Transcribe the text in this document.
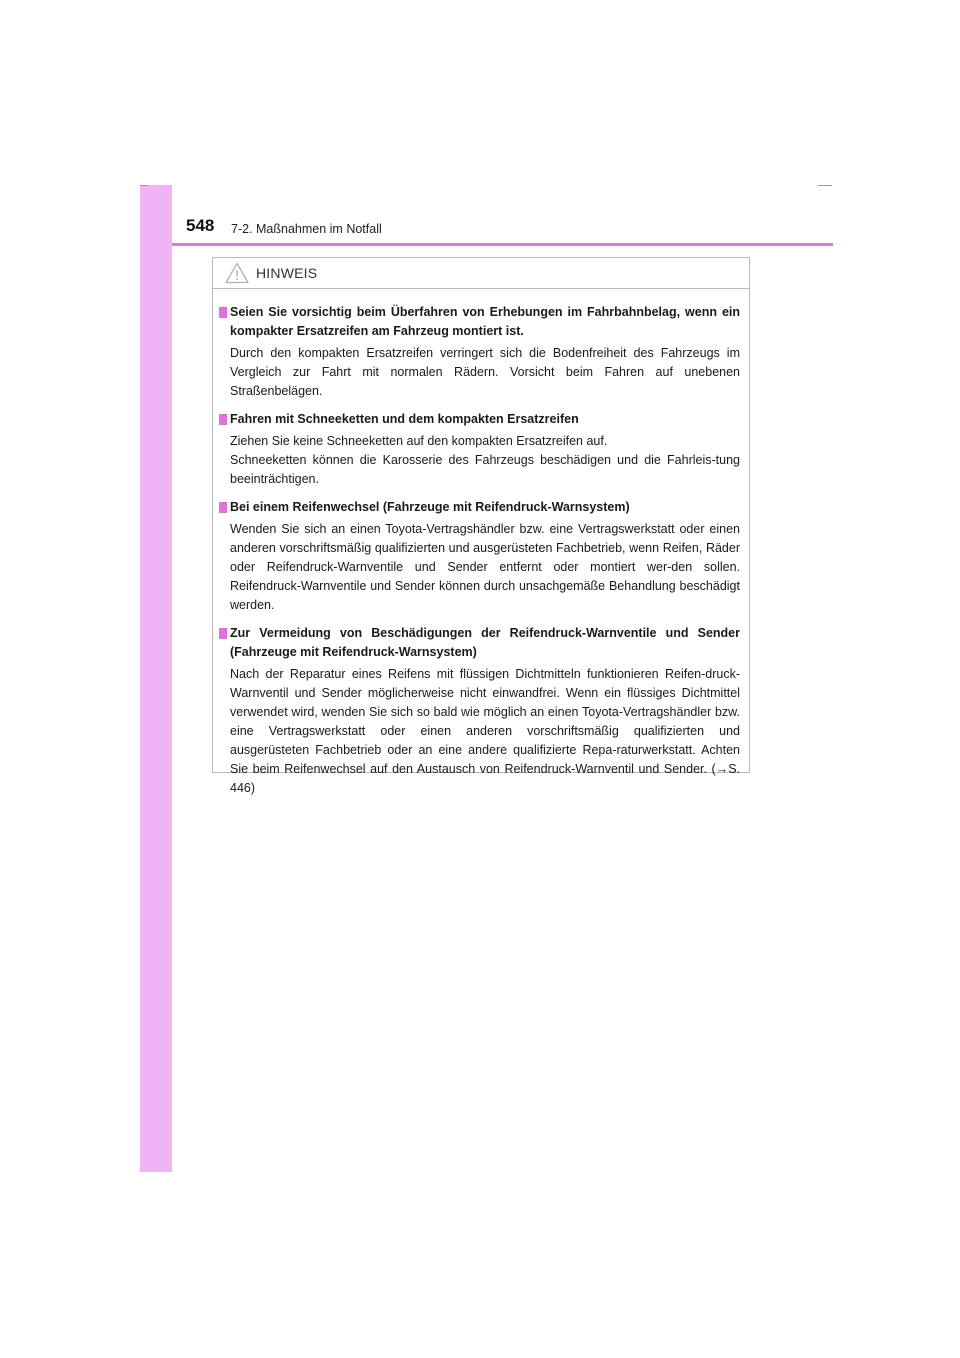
548 7-2. Maßnahmen im Notfall
HINWEIS
Seien Sie vorsichtig beim Überfahren von Erhebungen im Fahrbahnbelag, wenn ein kompakter Ersatzreifen am Fahrzeug montiert ist.
Durch den kompakten Ersatzreifen verringert sich die Bodenfreiheit des Fahrzeugs im Vergleich zur Fahrt mit normalen Rädern. Vorsicht beim Fahren auf unebenen Straßenbelägen.
Fahren mit Schneeketten und dem kompakten Ersatzreifen
Ziehen Sie keine Schneeketten auf den kompakten Ersatzreifen auf.
Schneeketten können die Karosserie des Fahrzeugs beschädigen und die Fahrleis-tung beeinträchtigen.
Bei einem Reifenwechsel (Fahrzeuge mit Reifendruck-Warnsystem)
Wenden Sie sich an einen Toyota-Vertragshändler bzw. eine Vertragswerkstatt oder einen anderen vorschriftsmäßig qualifizierten und ausgerüsteten Fachbetrieb, wenn Reifen, Räder oder Reifendruck-Warnventile und Sender entfernt oder montiert wer-den sollen. Reifendruck-Warnventile und Sender können durch unsachgemäße Behandlung beschädigt werden.
Zur Vermeidung von Beschädigungen der Reifendruck-Warnventile und Sender (Fahrzeuge mit Reifendruck-Warnsystem)
Nach der Reparatur eines Reifens mit flüssigen Dichtmitteln funktionieren Reifen-druck-Warnventil und Sender möglicherweise nicht einwandfrei. Wenn ein flüssiges Dichtmittel verwendet wird, wenden Sie sich so bald wie möglich an einen Toyota-Vertragshändler bzw. eine Vertragswerkstatt oder einen anderen vorschriftsmäßig qualifizierten und ausgerüsteten Fachbetrieb oder an eine andere qualifizierte Repa-raturwerkstatt. Achten Sie beim Reifenwechsel auf den Austausch von Reifendruck-Warnventil und Sender. (→S. 446)
